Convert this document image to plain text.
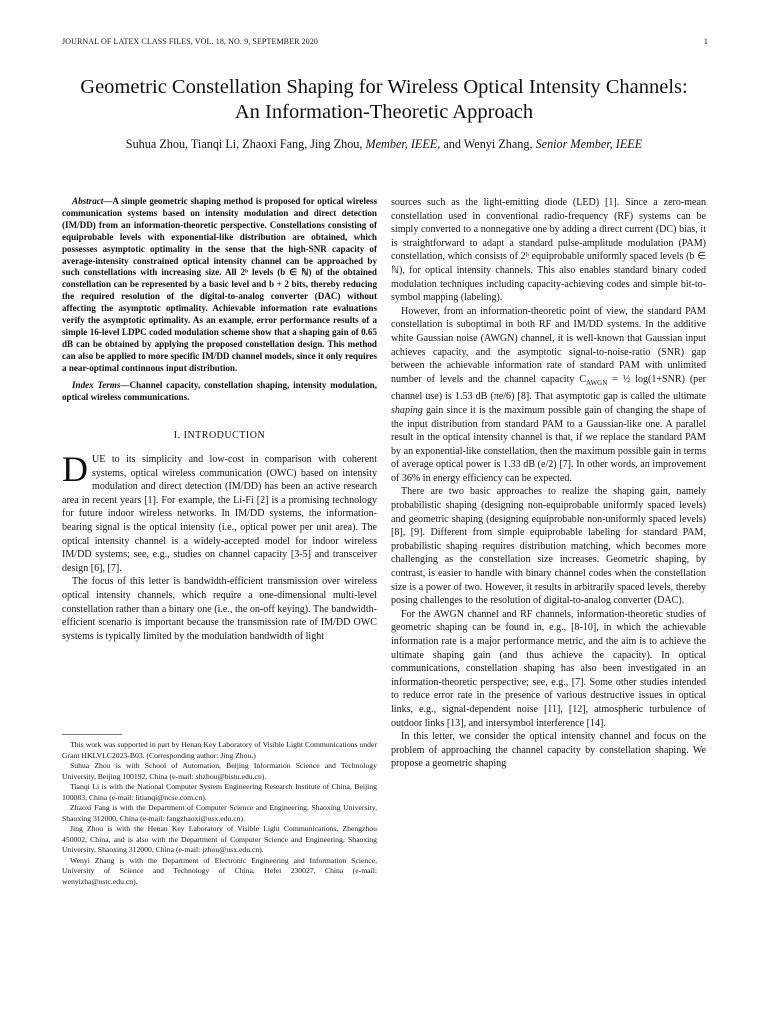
JOURNAL OF LATEX CLASS FILES, VOL. 18, NO. 9, SEPTEMBER 2020	1
Geometric Constellation Shaping for Wireless Optical Intensity Channels:
An Information-Theoretic Approach
Suhua Zhou, Tianqi Li, Zhaoxi Fang, Jing Zhou, Member, IEEE, and Wenyi Zhang, Senior Member, IEEE

Abstract—A simple geometric shaping method is proposed for optical wireless communication systems based on intensity modulation and direct detection (IM/DD) from an information-theoretic perspective. Constellations consisting of equiprobable levels with exponential-like distribution are obtained, which possesses asymptotic optimality in the sense that the high-SNR capacity of average-intensity constrained optical intensity channel can be approached by such constellations with increasing size. All 2ᵇ levels (b ∈ ℕ) of the obtained constellation can be represented by a basic level and b + 2 bits, thereby reducing the required resolution of the digital-to-analog converter (DAC) without affecting the asymptotic optimality. Achievable information rate evaluations verify the asymptotic optimality. As an example, error performance results of a simple 16-level LDPC coded modulation scheme show that a shaping gain of 0.65 dB can be obtained by applying the proposed constellation design. This method can also be applied to more specific IM/DD channel models, since it only requires a near-optimal continuous input distribution.

Index Terms—Channel capacity, constellation shaping, intensity modulation, optical wireless communications.

I. INTRODUCTION

DUE to its simplicity and low-cost in comparison with coherent systems, optical wireless communication (OWC) based on intensity modulation and direct detection (IM/DD) has been an active research area in recent years [1]. For example, the Li-Fi [2] is a promising technology for future indoor wireless networks. In IM/DD systems, the information-bearing signal is the optical intensity (i.e., optical power per unit area). The optical intensity channel is a widely-accepted model for indoor wireless IM/DD systems; see, e.g., studies on channel capacity [3-5] and transceiver design [6], [7].

The focus of this letter is bandwidth-efficient transmission over wireless optical intensity channels, which require a one-dimensional multi-level constellation rather than a binary one (i.e., the on-off keying). The bandwidth-efficient scenario is important because the transmission rate of IM/DD OWC systems is typically limited by the modulation bandwidth of light

This work was supported in part by Henan Key Laboratory of Visible Light Communications under Grant HKLVLC2023-B03. (Corresponding author: Jing Zhou.)

Suhua Zhou is with School of Automation, Beijing Information Science and Technology University, Beijing 100192, China (e-mail: shzhou@bistu.edu.cn).

Tianqi Li is with the National Computer System Engineering Research Institute of China, Beijing 100083, China (e-mail: litianqi@ncse.com.cn).

Zhaoxi Fang is with the Department of Computer Science and Engineering, Shaoxing University, Shaoxing 312000, China (e-mail: fangzhaoxi@usx.edu.cn).

Jing Zhou is with the Henan Key Laboratory of Visible Light Communications, Zhengzhou 450002, China, and is also with the Department of Computer Science and Engineering, Shaoxing University, Shaoxing 312000, China (e-mail: jzhou@usx.edu.cn).

Wenyi Zhang is with the Department of Electronic Engineering and Information Science, University of Science and Technology of China, Hefei 230027, China (e-mail: wenyizha@ustc.edu.cn).

sources such as the light-emitting diode (LED) [1]. Since a zero-mean constellation used in conventional radio-frequency (RF) systems can be simply converted to a nonnegative one by adding a direct current (DC) bias, it is straightforward to adapt a standard pulse-amplitude modulation (PAM) constellation, which consists of 2ᵇ equiprobable uniformly spaced levels (b ∈ ℕ), for optical intensity channels. This also enables standard binary coded modulation techniques including capacity-achieving codes and simple bit-to-symbol mapping (labeling).

However, from an information-theoretic point of view, the standard PAM constellation is suboptimal in both RF and IM/DD systems. In the additive white Gaussian noise (AWGN) channel, it is well-known that Gaussian input achieves capacity, and the asymptotic signal-to-noise-ratio (SNR) gap between the achievable information rate of standard PAM with unlimited number of levels and the channel capacity $C_{AWGN}$ = ½ log(1+SNR) (per channel use) is 1.53 dB (πe/6) [8]. That asymptotic gap is called the ultimate shaping gain since it is the maximum possible gain of changing the shape of the input distribution from standard PAM to a Gaussian-like one. A parallel result in the optical intensity channel is that, if we replace the standard PAM by an exponential-like constellation, then the maximum possible gain in terms of average optical power is 1.33 dB (e/2) [7]. In other words, an improvement of 36% in energy efficiency can be expected.

There are two basic approaches to realize the shaping gain, namely probabilistic shaping (designing non-equiprobable uniformly spaced levels) and geometric shaping (designing equiprobable non-uniformly spaced levels) [8], [9]. Different from simple equiprobable labeling for standard PAM, probabilistic shaping requires distribution matching, which becomes more challenging as the constellation size increases. Geometric shaping, by contrast, is easier to handle with binary channel codes when the constellation size is a power of two. However, it results in arbitrarily spaced levels, thereby posing challenges to the resolution of digital-to-analog converter (DAC).

For the AWGN channel and RF channels, information-theoretic studies of geometric shaping can be found in, e.g., [8-10], in which the achievable information rate is a major performance metric, and the aim is to achieve the ultimate shaping gain (and thus achieve the capacity). In optical communications, constellation shaping has also been investigated in an information-theoretic perspective; see, e.g., [7]. Some other studies intended to reduce error rate in the presence of various destructive issues in optical links, e.g., signal-dependent noise [11], [12], atmospheric turbulence of outdoor links [13], and intersymbol interference [14].

In this letter, we consider the optical intensity channel and focus on the problem of approaching the channel capacity by constellation shaping. We propose a geometric shaping
